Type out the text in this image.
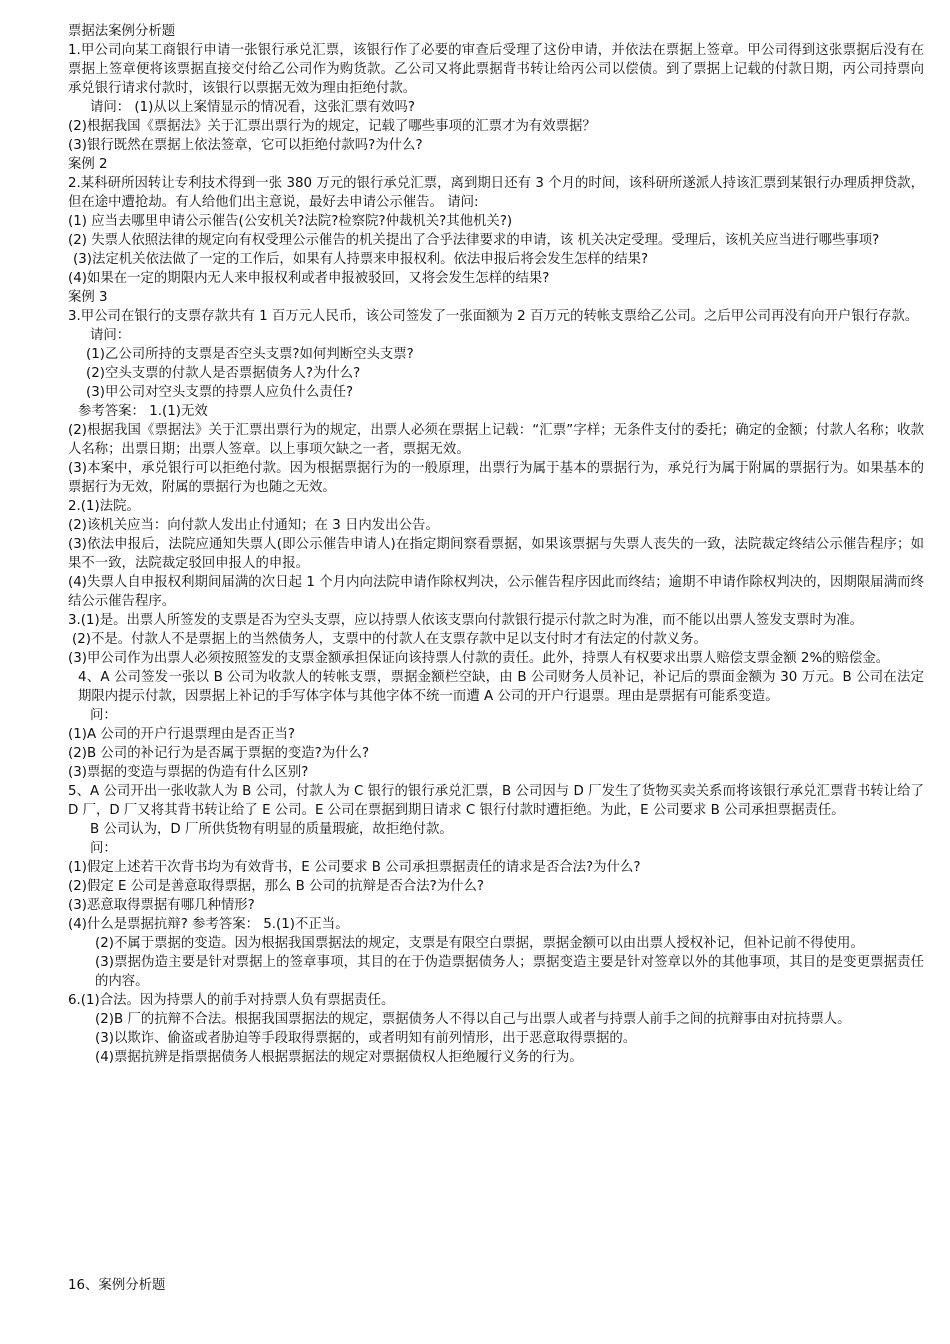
票据法案例分析题

1.甲公司向某工商银行申请一张银行承兑汇票，该银行作了必要的审查后受理了这份申请，并依法在票据上签章。甲公司得到这张票据后没有在票据上签章便将该票据直接交付给乙公司作为购货款。乙公司又将此票据背书转让给丙公司以偿债。到了票据上记载的付款日期，丙公司持票向承兑银行请求付款时，该银行以票据无效为理由拒绝付款。

请问： (1)从以上案情显示的情况看，这张汇票有效吗?

(2)根据我国《票据法》关于汇票出票行为的规定，记载了哪些事项的汇票才为有效票据？

(3)银行既然在票据上依法签章，它可以拒绝付款吗?为什么?

案例 2

2.某科研所因转让专利技术得到一张 380 万元的银行承兑汇票，离到期日还有 3 个月的时间，该科研所遂派人持该汇票到某银行办理质押贷款，但在途中遭抢劫。有人给他们出主意说，最好去申请公示催告。 请问:

(1) 应当去哪里申请公示催告(公安机关?法院?检察院?仲裁机关?其他机关?)

(2) 失票人依照法律的规定向有权受理公示催告的机关提出了合乎法律要求的申请，该 机关决定受理。受理后，该机关应当进行哪些事项?

(3)法定机关依法做了一定的工作后，如果有人持票来申报权利。依法申报后将会发生怎样的结果?

(4)如果在一定的期限内无人来申报权利或者申报被驳回，又将会发生怎样的结果?

案例 3

3.甲公司在银行的支票存款共有 1 百万元人民币，该公司签发了一张面额为 2 百万元的转帐支票给乙公司。之后甲公司再没有向开户银行存款。

请问：

(1)乙公司所持的支票是否空头支票?如何判断空头支票?

(2)空头支票的付款人是否票据债务人?为什么?

(3)甲公司对空头支票的持票人应负什么责任?

参考答案： 1.(1)无效

(2)根据我国《票据法》关于汇票出票行为的规定，出票人必须在票据上记载：“汇票”字样；无条件支付的委托；确定的金额；付款人名称；收款人名称；出票日期；出票人签章。以上事项欠缺之一者，票据无效。

(3)本案中，承兑银行可以拒绝付款。因为根据票据行为的一般原理，出票行为属于基本的票据行为，承兑行为属于附属的票据行为。如果基本的票据行为无效，附属的票据行为也随之无效。

2.(1)法院。

(2)该机关应当：向付款人发出止付通知；在 3 日内发出公告。

(3)依法申报后，法院应通知失票人(即公示催告申请人)在指定期间察看票据，如果该票据与失票人丧失的一致，法院裁定终结公示催告程序；如果不一致，法院裁定驳回申报人的申报。

(4)失票人自申报权利期间届满的次日起 1 个月内向法院申请作除权判决，公示催告程序因此而终结；逾期不申请作除权判决的，因期限届满而终结公示催告程序。

3.(1)是。出票人所签发的支票是否为空头支票，应以持票人依该支票向付款银行提示付款之时为准，而不能以出票人签发支票时为准。

(2)不是。付款人不是票据上的当然债务人，支票中的付款人在支票存款中足以支付时才有法定的付款义务。

(3)甲公司作为出票人必须按照签发的支票金额承担保证向该持票人付款的责任。此外，持票人有权要求出票人赔偿支票金额 2%的赔偿金。

4、A 公司签发一张以 B 公司为收款人的转帐支票，票据金额栏空缺，由 B 公司财务人员补记，补记后的票面金额为 30 万元。B 公司在法定期限内提示付款，因票据上补记的手写体字体与其他字体不统一而遭 A 公司的开户行退票。理由是票据有可能系变造。

问：

(1)A 公司的开户行退票理由是否正当?

(2)B 公司的补记行为是否属于票据的变造?为什么?

(3)票据的变造与票据的伪造有什么区别?

5、A 公司开出一张收款人为 B 公司，付款人为 C 银行的银行承兑汇票，B 公司因与 D 厂发生了货物买卖关系而将该银行承兑汇票背书转让给了 D 厂，D 厂又将其背书转让给了 E 公司。E 公司在票据到期日请求 C 银行付款时遭拒绝。为此，E 公司要求 B 公司承担票据责任。

B 公司认为，D 厂所供货物有明显的质量瑕疵，故拒绝付款。

问：

(1)假定上述若干次背书均为有效背书，E 公司要求 B 公司承担票据责任的请求是否合法?为什么?

(2)假定 E 公司是善意取得票据，那么 B 公司的抗辩是否合法?为什么?

(3)恶意取得票据有哪几种情形?

(4)什么是票据抗辩? 参考答案： 5.(1)不正当。

(2)不属于票据的变造。因为根据我国票据法的规定，支票是有限空白票据，票据金额可以由出票人授权补记，但补记前不得使用。

(3)票据伪造主要是针对票据上的签章事项，其目的在于伪造票据债务人；票据变造主要是针对签章以外的其他事项，其目的是变更票据责任的内容。

6.(1)合法。因为持票人的前手对持票人负有票据责任。

(2)B 厂的抗辩不合法。根据我国票据法的规定，票据债务人不得以自己与出票人或者与持票人前手之间的抗辩事由对抗持票人。

(3)以欺诈、偷盗或者胁迫等手段取得票据的，或者明知有前列情形，出于恶意取得票据的。

(4)票据抗辨是指票据债务人根据票据法的规定对票据债权人拒绝履行义务的行为。

16、案例分析题
